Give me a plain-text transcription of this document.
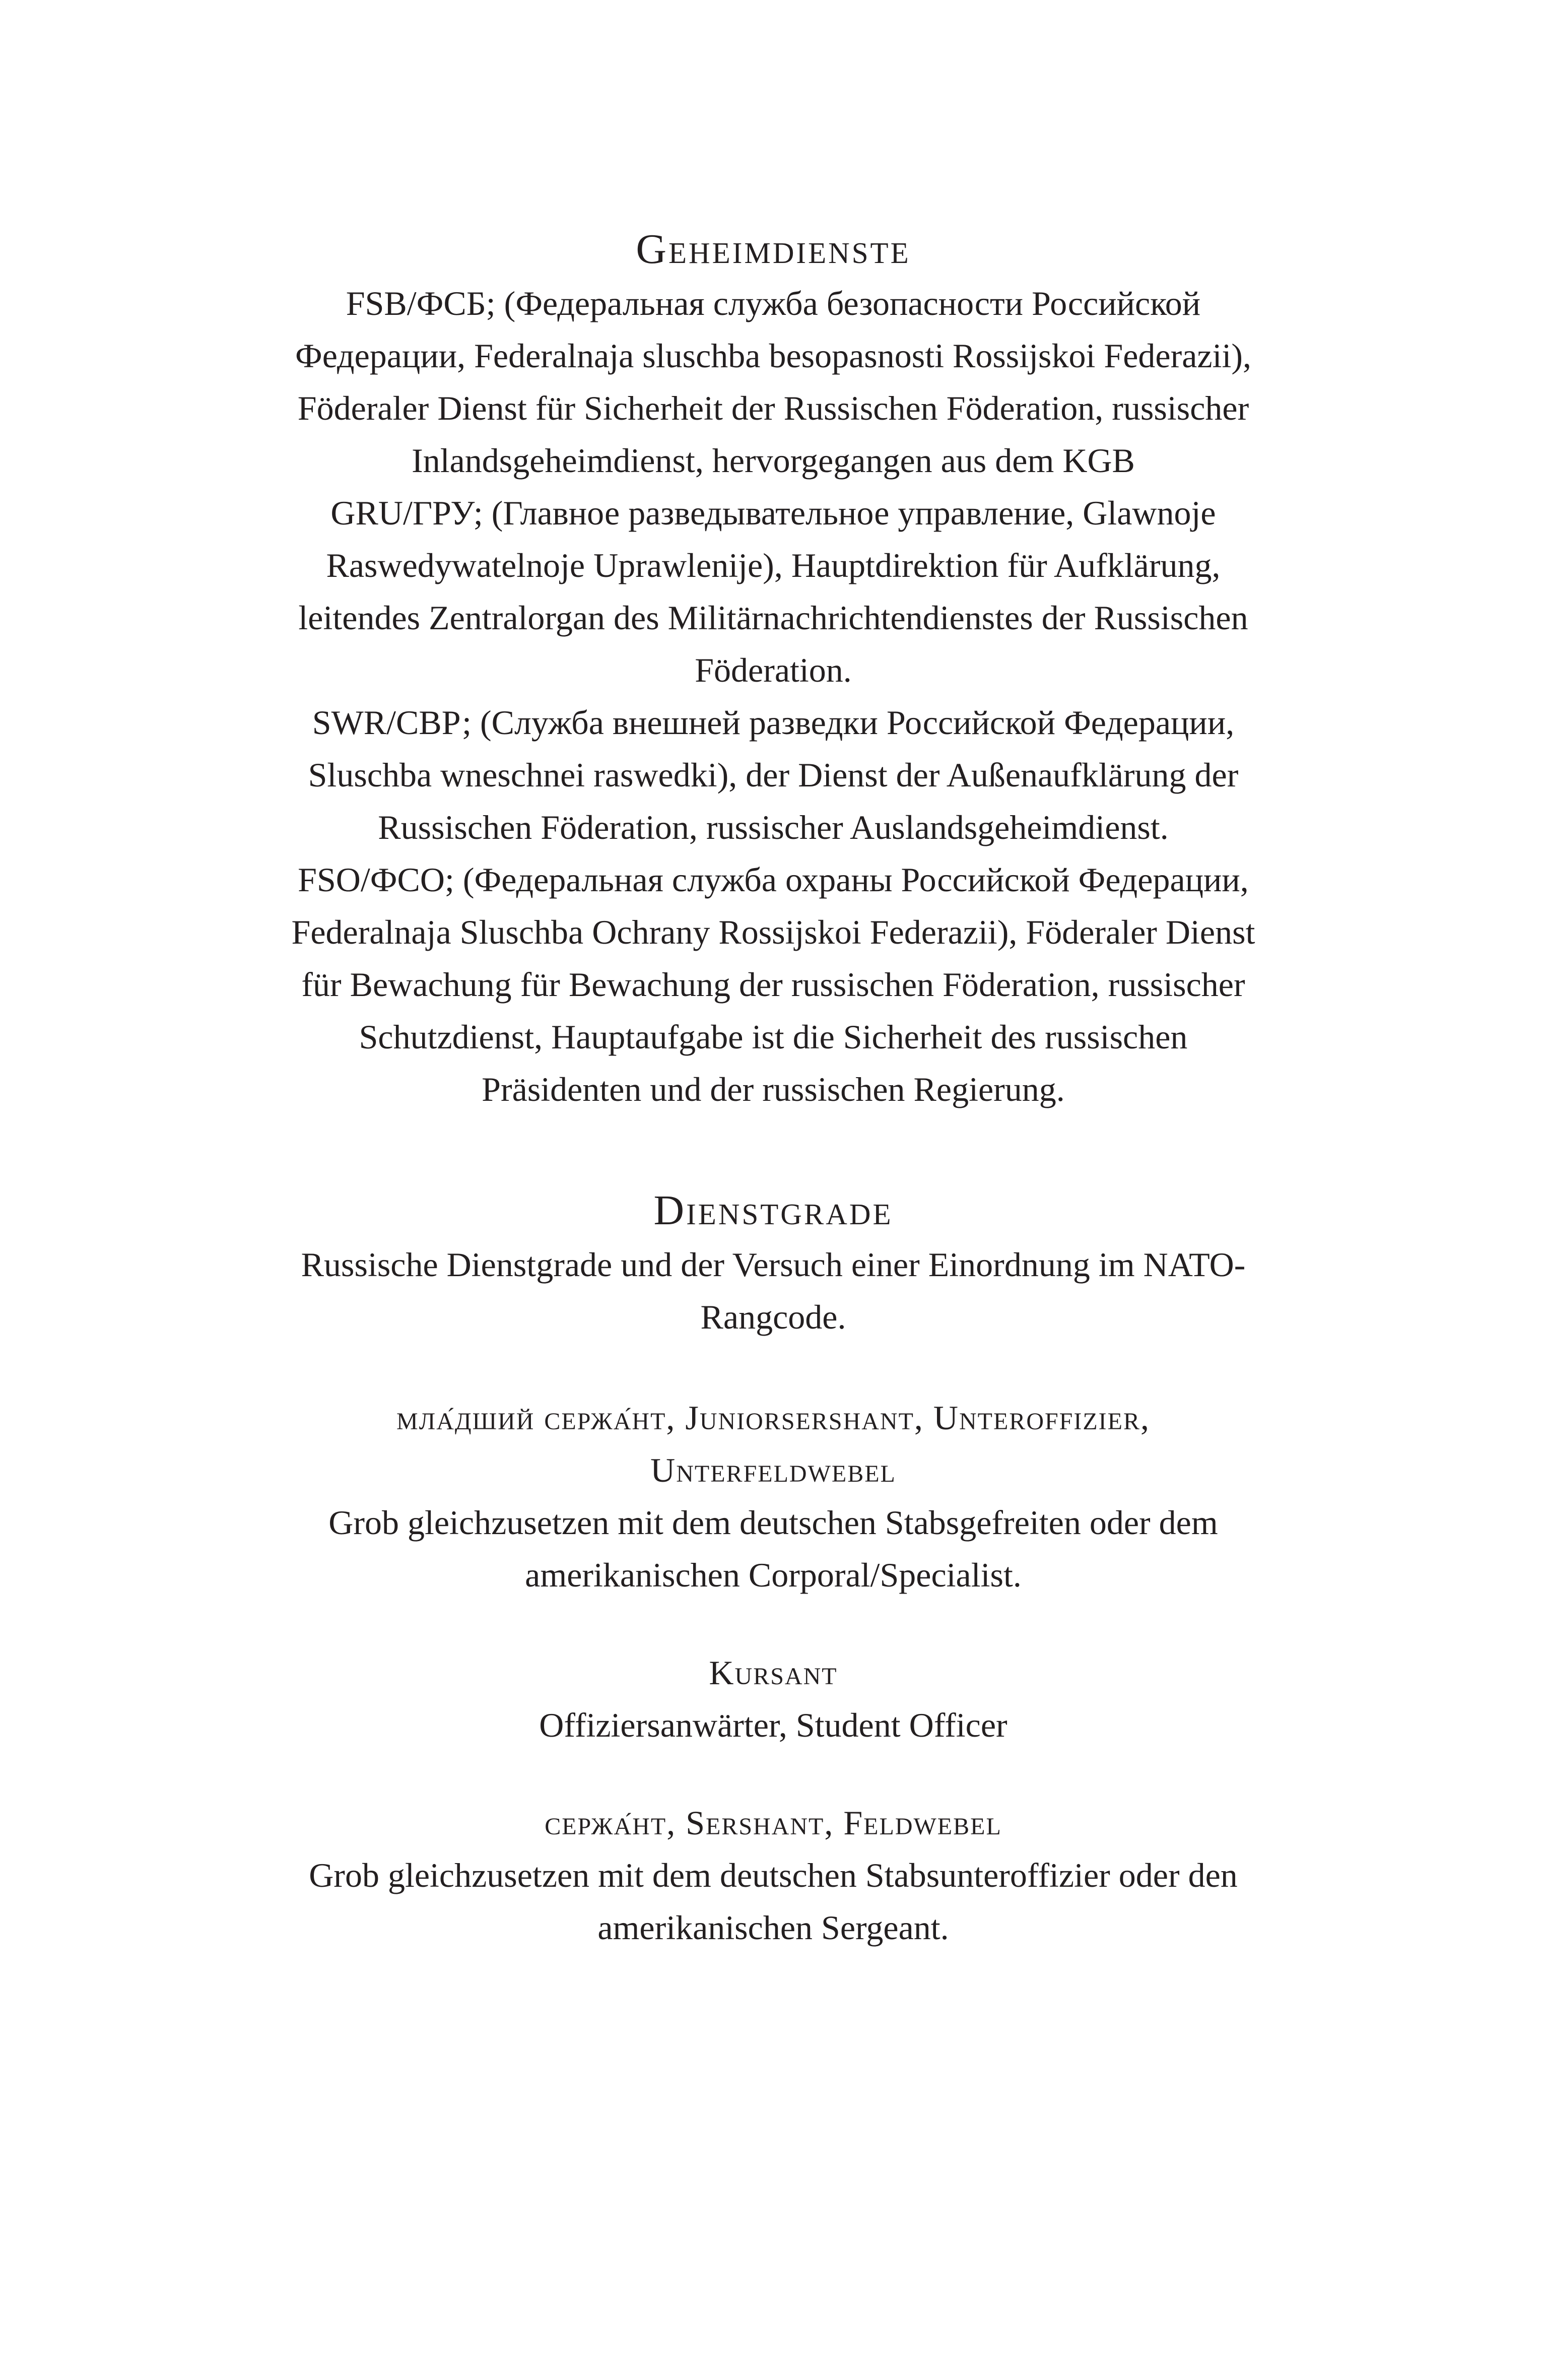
Geheimdienste

FSB/ФСБ; (Федеральная служба безопасности Российской Федерации, Federalnaja sluschba besopasnosti Rossijskoi Federazii), Föderaler Dienst für Sicherheit der Russischen Föderation, russischer Inlandsgeheimdienst, hervorgegangen aus dem KGB

GRU/ГРУ; (Главное разведывательное управление, Glawnoje Raswedywatelnoje Uprawlenije), Hauptdirektion für Aufklärung, leitendes Zentralorgan des Militärnachrichtendienstes der Russischen Föderation.

SWR/СВР; (Служба внешней разведки Российской Федерации, Sluschba wneschnei raswedki), der Dienst der Außenaufklärung der Russischen Föderation, russischer Auslandsgeheimdienst.

FSO/ФСО; (Федеральная служба охраны Российской Федерации, Federalnaja Sluschba Ochrany Rossijskoi Federazii), Föderaler Dienst für Bewachung für Bewachung der russischen Föderation, russischer Schutzdienst, Hauptaufgabe ist die Sicherheit des russischen Präsidenten und der russischen Regierung.

Dienstgrade

Russische Dienstgrade und der Versuch einer Einordnung im NATO-Rangcode.

мла́дший сержа́нт, Juniorsershant, Unteroffizier, Unterfeldwebel

Grob gleichzusetzen mit dem deutschen Stabsgefreiten oder dem amerikanischen Corporal/Specialist.

Kursant

Offiziersanwärter, Student Officer

сержа́нт, Sershant, Feldwebel

Grob gleichzusetzen mit dem deutschen Stabsunteroffizier oder den amerikanischen Sergeant.
